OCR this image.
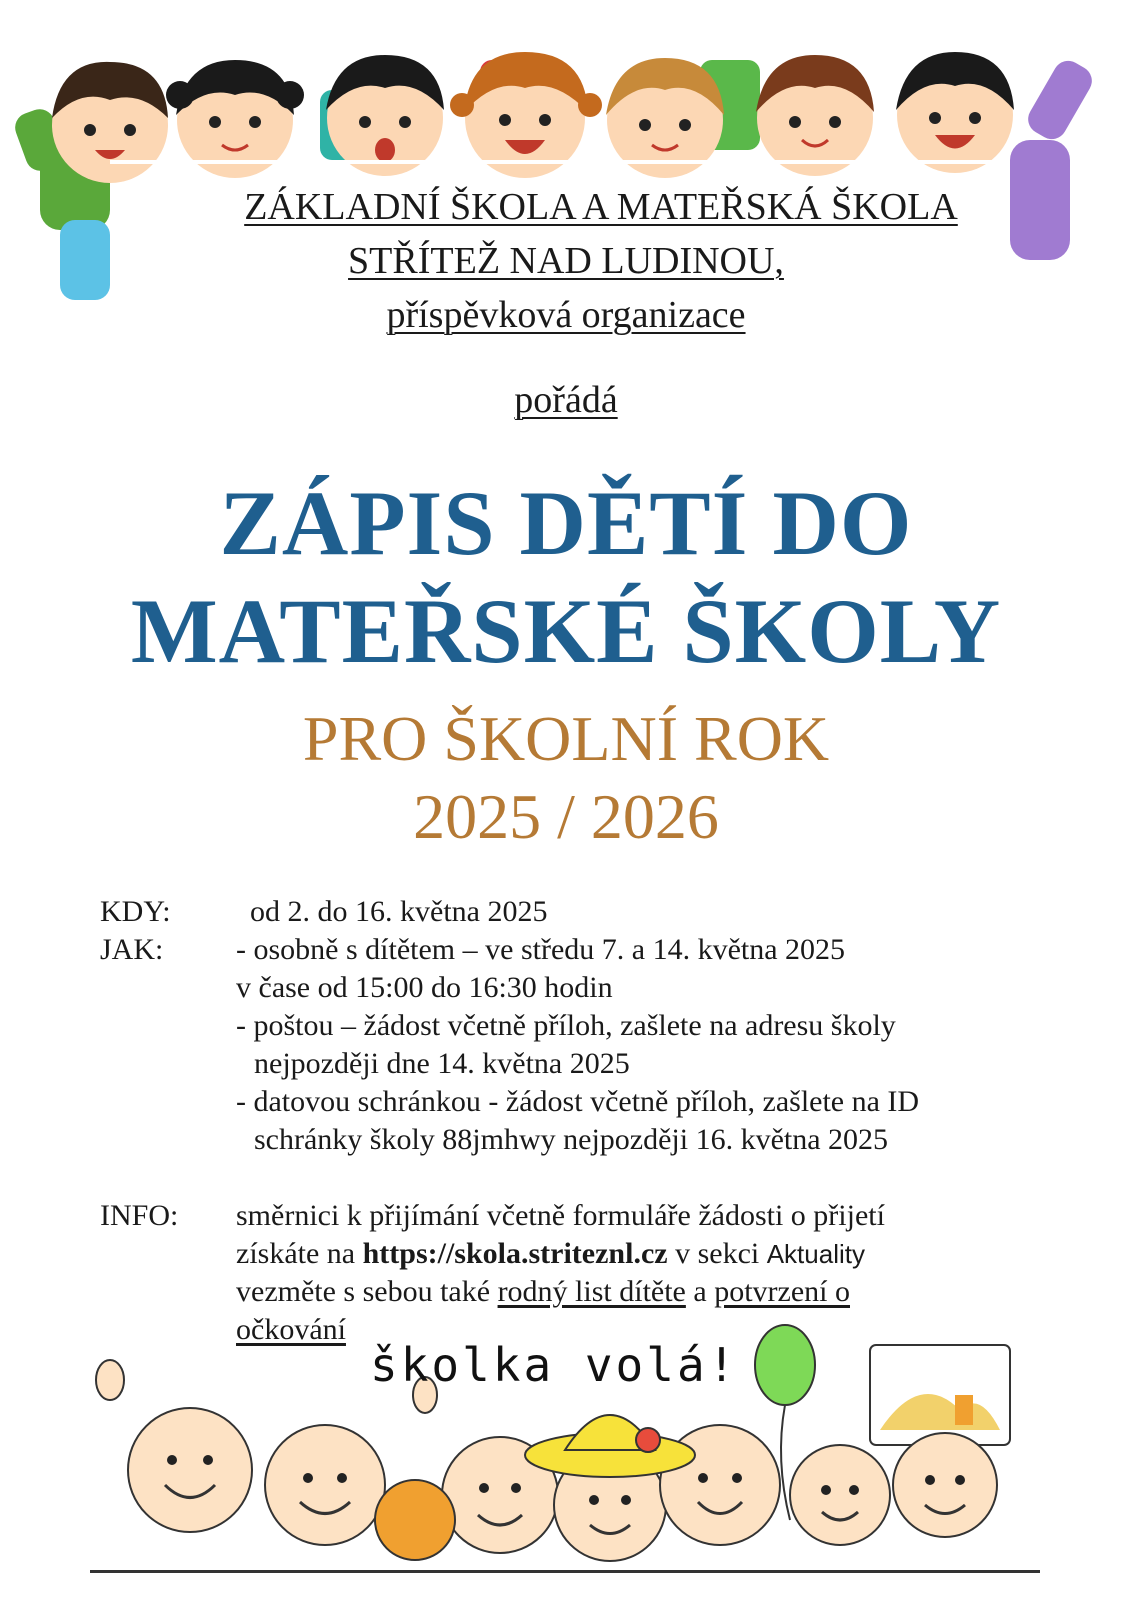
ZÁKLADNÍ ŠKOLA A MATEŘSKÁ ŠKOLA
STŘÍTEŽ NAD LUDINOU,
příspěvková organizace
pořádá
ZÁPIS DĚTÍ DO
MATEŘSKÉ ŠKOLY
PRO ŠKOLNÍ ROK
2025 / 2026
KDY:	od 2. do 16. května 2025
JAK: - osobně s dítětem – ve středu 7. a 14. května 2025
v čase od 15:00 do 16:30 hodin
- poštou – žádost včetně příloh, zašlete na adresu školy
nejpozději dne 14. května 2025
- datovou schránkou - žádost včetně příloh, zašlete na ID
schránky školy 88jmhwy nejpozději 16. května 2025
INFO: směrnici k přijímání včetně formuláře žádosti o přijetí
získáte na https://skola.striteznl.cz v sekci Aktuality
vezměte s sebou také rodný list dítěte a potvrzení o
očkování
školka volá!
